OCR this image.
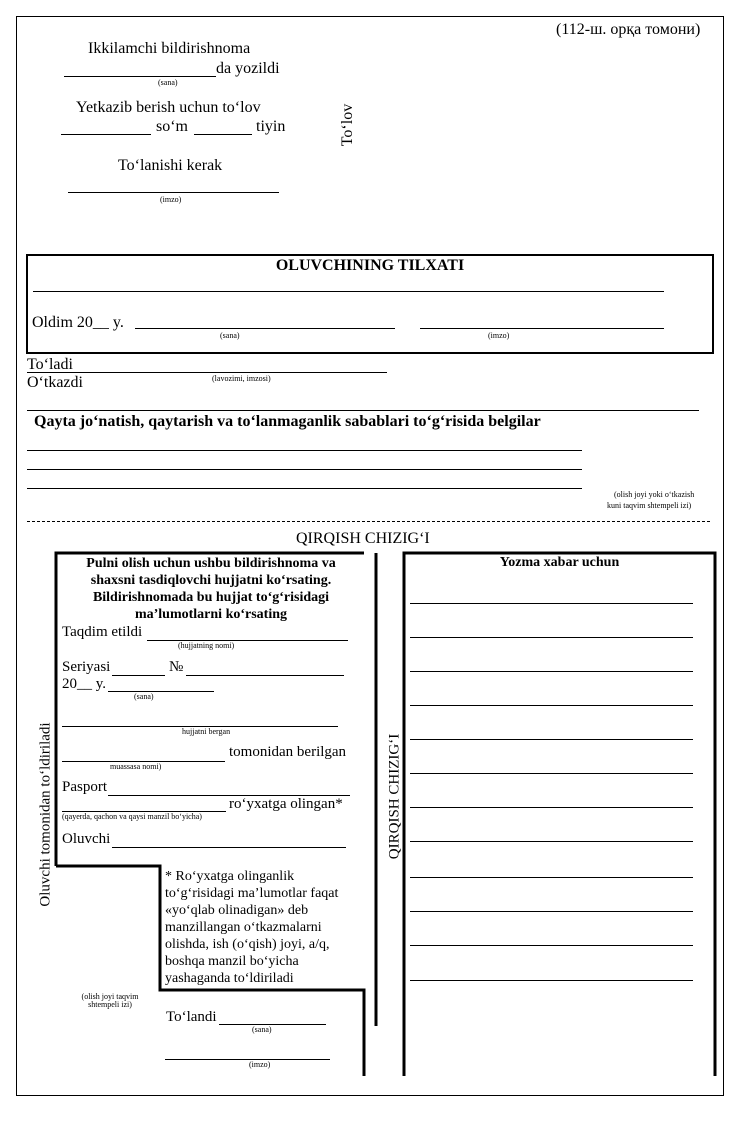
(112-ш. орқа томони)
Ikkilamchi bildirishnoma
da yozildi
(sana)
Yetkazib berish uchun to‘lov
so‘m	tiyin
To‘lanishi kerak
(imzo)
To‘lov
OLUVCHINING TILXATI
Oldim 20__ y.
(sana)	(imzo)
To‘ladi
O‘tkazdi	(lavozimi, imzosi)
Qayta jo‘natish, qaytarish va to‘lanmaganlik sabablari to‘g‘risida belgilar
(olish joyi yoki o‘tkazish
kuni taqvim shtempeli izi)
QIRQISH CHIZIG‘I
Pulni olish uchun ushbu bildirishnoma va
shaxsni tasdiqlovchi hujjatni ko‘rsating.
Bildirishnomada bu hujjat to‘g‘risidagi
ma’lumotlarni ko‘rsating
Taqdim etildi
(hujjatning nomi)
Seriyasi	№
20__ y.
(sana)
hujjatni bergan
tomonidan berilgan
muassasa nomi)
Pasport
ro‘yxatga olingan*
(qayerda, qachon va qaysi manzil bo‘yicha)
Oluvchi
Oluvchi tomonidan to‘ldiriladi	* Ro‘yxatga olinganlik
to‘g‘risidagi ma’lumotlar faqat
«yo‘qlab olinadigan» deb
manzillangan o‘tkazmalarni
olishda, ish (o‘qish) joyi, a/q,
boshqa manzil bo‘yicha
yashaganda to‘ldiriladi
(olish joyi taqvim
shtempeli izi)
To‘landi
(sana)
(imzo)
QIRQISH CHIZIG‘I
Yozma xabar uchun
